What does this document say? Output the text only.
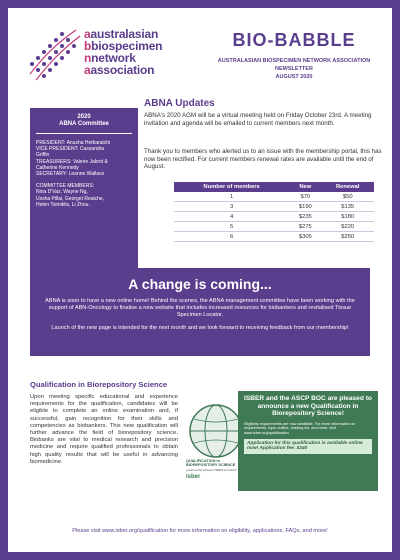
aaustralasian
bbiospecimen
nnetwork
aassociation
BIO-BABBLE
AUSTRALASIAN BIOSPECIMEN NETWORK ASSOCIATION
NEWSLETTER
AUGUST 2020
2020
ABNA Committee
PRESIDENT: Anusha Hettiaratchi
VICE PRESIDENT: Cassandra
Griffin
TREASURERS: Valerie Jakrot &
Catherine Kennedy
SECRETARY: Leanne Wallace
COMMITTEE MEMBERS:
Nina D'Vaz, Wayne Ng,
Ussha Pillai, Georget Reaiche,
Helen Tsimiklis, Li Zhou.
ABNA Updates
ABNA's 2020 AGM will be a virtual meeting held on Friday October 23rd. A meeting invitation and agenda will be emailed to current members next month.
Thank you to members who alerted us to an issue with the membership portal, this has now been rectified. For current members renewal rates are available until the end of August.
Number of members	New	Renewal
1	$70	$50
3	$190	$135
4	$235	$180
5	$275	$220
6	$305	$250
A change is coming...

ABNA is soon to have a new online home! Behind the scenes, the ABNA management committee have been working with the support of ABN-Oncology to finalise a new website that includes increased resources for biobankers and revitalised Tissue Specimen Locator.

Launch of the new page is intended for the next month and we look forward to receiving feedback from our membership!

Qualification in Biorepository Science
Upon meeting specific educational and experience requirements for the qualification, candidates will be eligible to complete an online examination and, if successful, gain recognition for their skills and competencies as biobankers. This new qualification will further advance the field of biorepository science. Biobanks are vital to medical research and precision medicine and require qualified professionals to obtain high quality results that will be useful in advancing biomedicine.	QUALIFICATION in
BIOREPOSITORY SCIENCE
a partnership between ISBER and ASCP
isber
ISBER and the ASCP BOC are pleased to announce a new Qualification in Biorepository Science!
Eligibility requirements are now available. For more information on requirements, topic outline, reading list, and more, visit www.isber.org/qualification
Application for this qualification is available online now! Application fee: $240
Please visit www.isber.org/qualification for more information on eligibility, applications, FAQs, and more!
